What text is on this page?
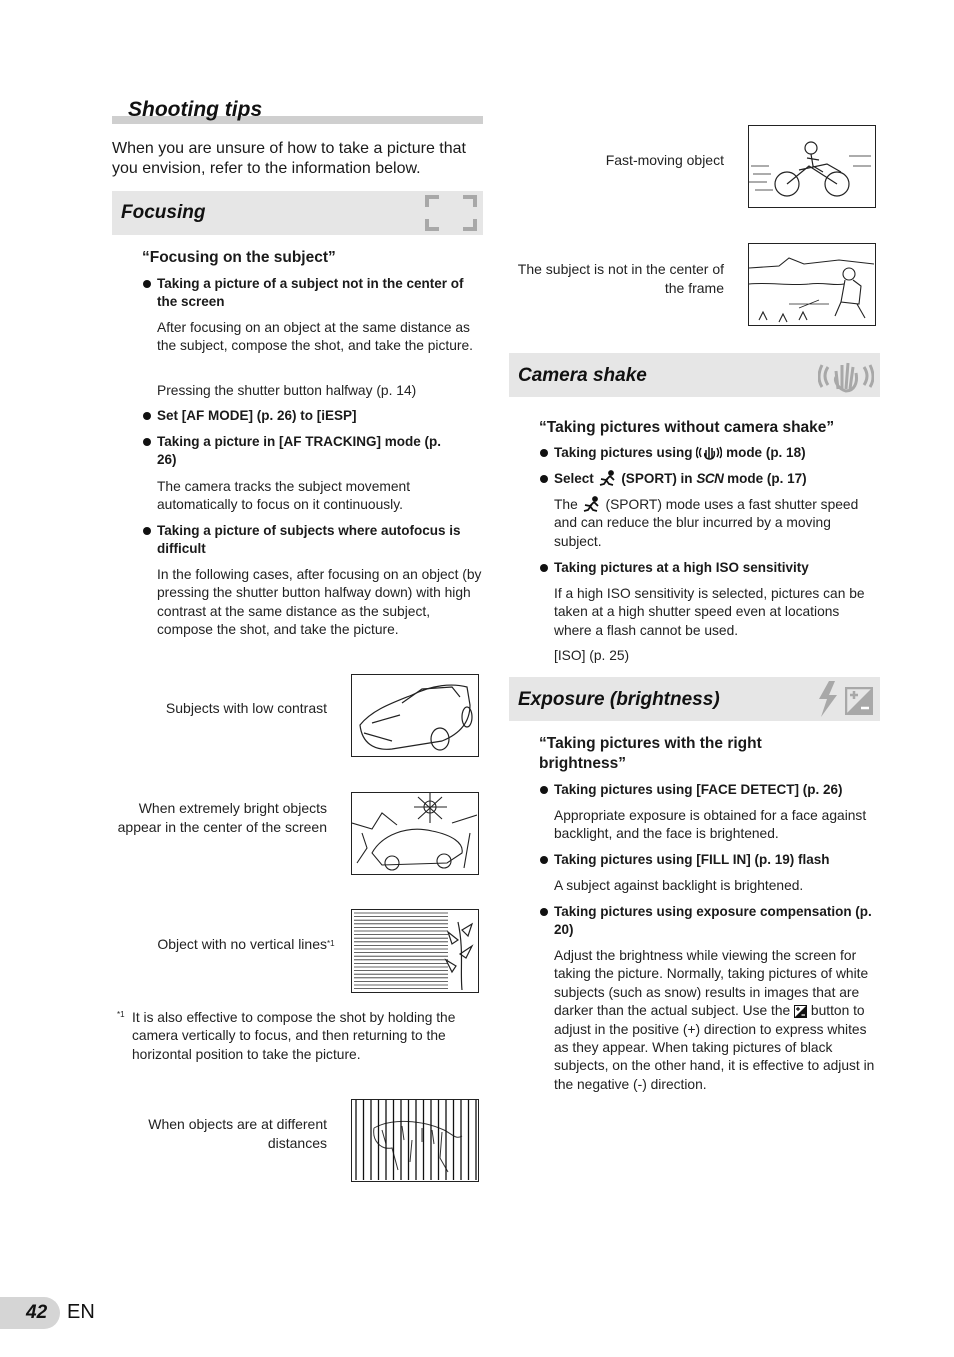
Shooting tips
When you are unsure of how to take a picture that you envision, refer to the information below.
Focusing
“Focusing on the subject”
Taking a picture of a subject not in the center of the screen
After focusing on an object at the same distance as the subject, compose the shot, and take the picture.
Pressing the shutter button halfway (p. 14)
Set [AF MODE] (p. 26) to [iESP]
Taking a picture in [AF TRACKING] mode (p. 26)
The camera tracks the subject movement automatically to focus on it continuously.
Taking a picture of subjects where autofocus is difficult
In the following cases, after focusing on an object (by pressing the shutter button halfway down) with high contrast at the same distance as the subject, compose the shot, and take the picture.
Subjects with low contrast
When extremely bright objects appear in the center of the screen
Object with no vertical lines *1
*1 It is also effective to compose the shot by holding the camera vertically to focus, and then returning to the horizontal position to take the picture.
When objects are at different distances
Fast-moving object
The subject is not in the center of the frame
Camera shake
“Taking pictures without camera shake”
Taking pictures using mode (p. 18)
Select (SPORT) in SCN mode (p. 17)
The (SPORT) mode uses a fast shutter speed and can reduce the blur incurred by a moving subject.
Taking pictures at a high ISO sensitivity
If a high ISO sensitivity is selected, pictures can be taken at a high shutter speed even at locations where a flash cannot be used.
[ISO] (p. 25)
Exposure (brightness)
“Taking pictures with the right brightness”
Taking pictures using [FACE DETECT] (p. 26)
Appropriate exposure is obtained for a face against backlight, and the face is brightened.
Taking pictures using [FILL IN] (p. 19) flash
A subject against backlight is brightened.
Taking pictures using exposure compensation (p. 20)
Adjust the brightness while viewing the screen for taking the picture. Normally, taking pictures of white subjects (such as snow) results in images that are darker than the actual subject. Use the button to adjust in the positive (+) direction to express whites as they appear. When taking pictures of black subjects, on the other hand, it is effective to adjust in the negative (-) direction.
42 EN
